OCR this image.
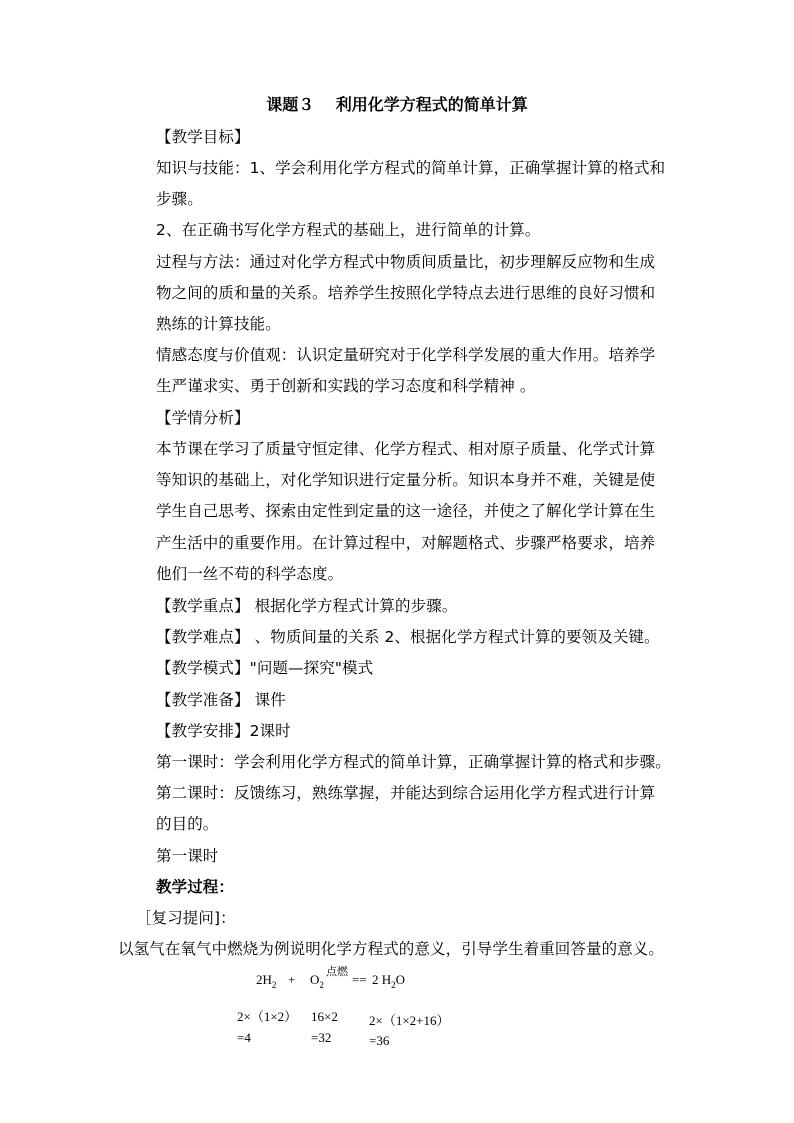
课题３　 利用化学方程式的简单计算
【教学目标】
知识与技能：1、学会利用化学方程式的简单计算，正确掌握计算的格式和
步骤。
2、在正确书写化学方程式的基础上，进行简单的计算。
过程与方法：通过对化学方程式中物质间质量比，初步理解反应物和生成
物之间的质和量的关系。培养学生按照化学特点去进行思维的良好习惯和
熟练的计算技能。
情感态度与价值观：认识定量研究对于化学科学发展的重大作用。培养学
生严谨求实、勇于创新和实践的学习态度和科学精神 。
【学情分析】
本节课在学习了质量守恒定律、化学方程式、相对原子质量、化学式计算
等知识的基础上，对化学知识进行定量分析。知识本身并不难，关键是使
学生自己思考、探索由定性到定量的这一途径，并使之了解化学计算在生
产生活中的重要作用。在计算过程中，对解题格式、步骤严格要求，培养
他们一丝不苟的科学态度。
【教学重点】 根据化学方程式计算的步骤。
【教学难点】 、物质间量的关系 2、根据化学方程式计算的要领及关键。
【教学模式】"问题—探究"模式
【教学准备】 课件
【教学安排】2课时
第一课时：学会利用化学方程式的简单计算，正确掌握计算的格式和步骤。
第二课时：反馈练习，熟练掌握，并能达到综合运用化学方程式进行计算
的目的。
第一课时
教学过程：
［复习提问]：
以氢气在氧气中燃烧为例说明化学方程式的意义，引导学生着重回答量的意义。
$2H_2 + O_2$
点燃
== 2 $H_2O$
2×（1×2）
=4
16×2
=32
2×（1×2+16）
=36
